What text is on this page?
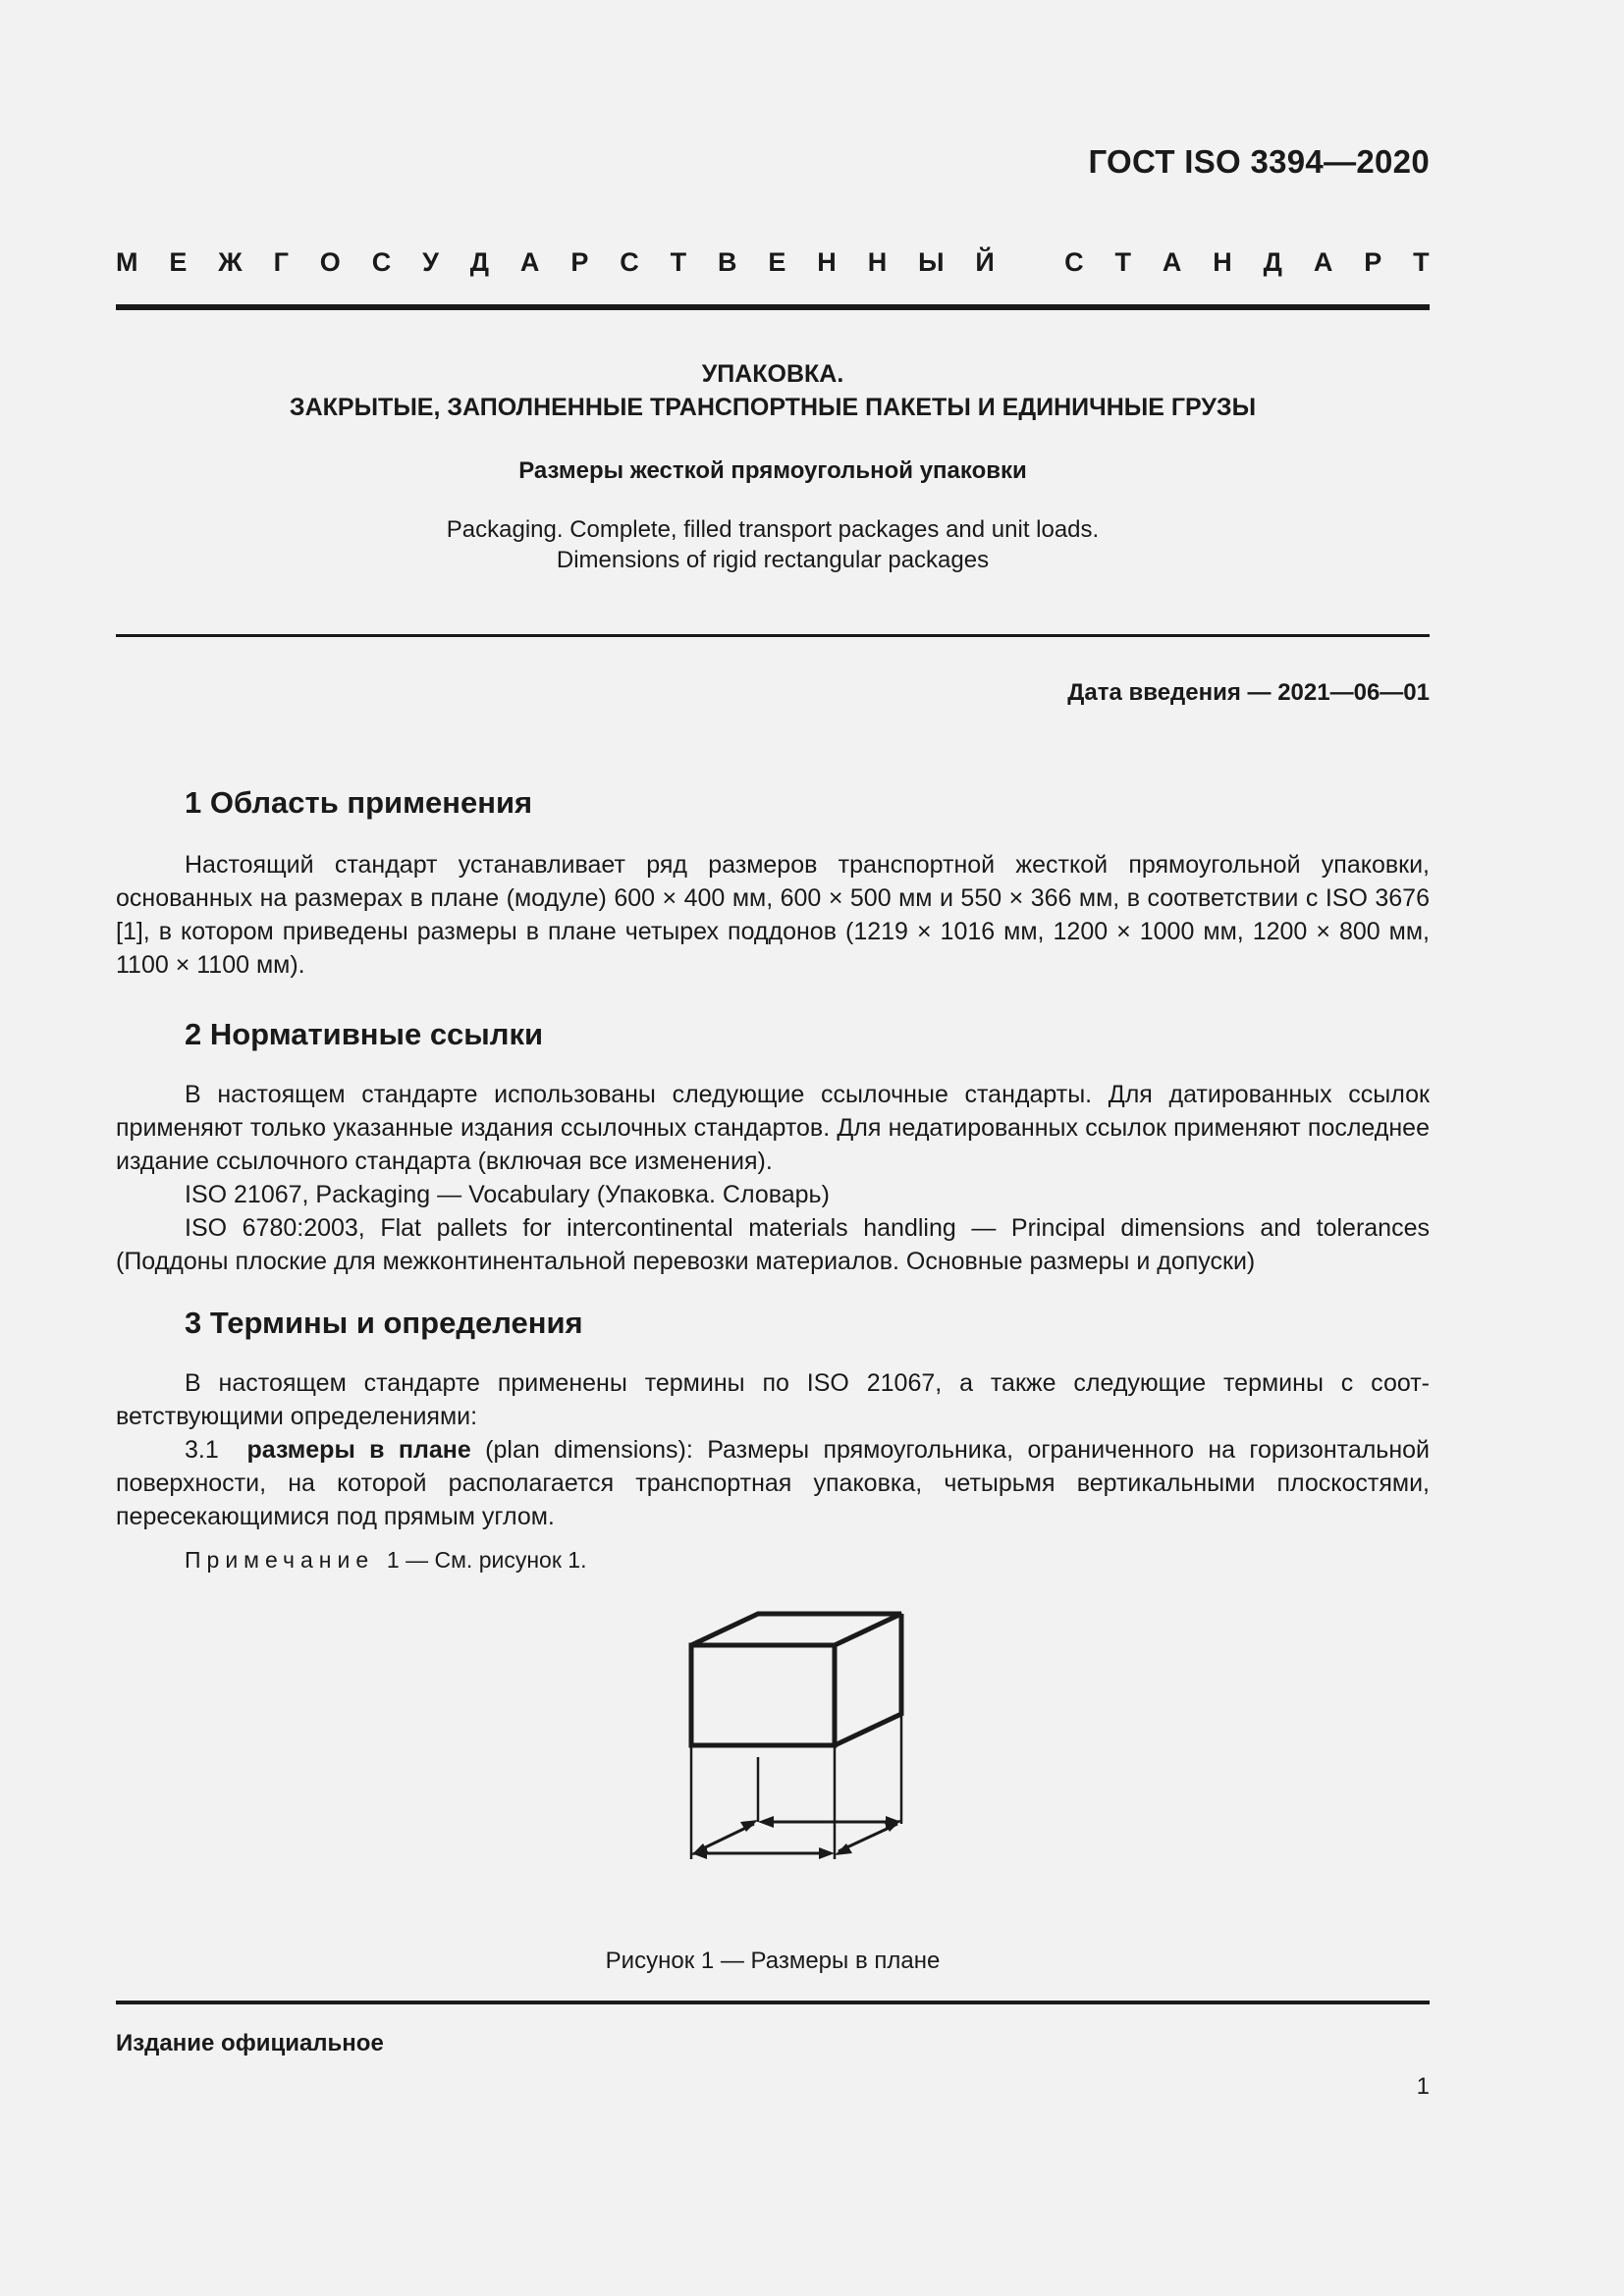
ГОСТ ISO 3394—2020
М Е Ж Г О С У Д А Р С Т В Е Н Н Ы Й
	С Т А Н Д А Р Т
УПАКОВКА.
ЗАКРЫТЫЕ, ЗАПОЛНЕННЫЕ ТРАНСПОРТНЫЕ ПАКЕТЫ И ЕДИНИЧНЫЕ ГРУЗЫ
Размеры жесткой прямоугольной упаковки
Packaging. Complete, filled transport packages and unit loads.
Dimensions of rigid rectangular packages
Дата введения — 2021—06—01
1 Область применения

Настоящий стандарт устанавливает ряд размеров транспортной жесткой прямоугольной упаковки, основанных на размерах в плане (модуле) 600 × 400 мм, 600 × 500 мм и 550 × 366 мм, в соответствии с ISO 3676 [1], в котором приведены размеры в плане четырех поддонов (1219 × 1016 мм, 1200 × 1000 мм, 1200 × 800 мм, 1100 × 1100 мм).

2 Нормативные ссылки

В настоящем стандарте использованы следующие ссылочные стандарты. Для датированных ссылок применяют только указанные издания ссылочных стандартов. Для недатированных ссылок применяют последнее издание ссылочного стандарта (включая все изменения).

ISO 21067, Packaging — Vocabulary (Упаковка. Словарь)

ISO 6780:2003, Flat pallets for intercontinental materials handling — Principal dimensions and tolerances (Поддоны плоские для межконтинентальной перевозки материалов. Основные размеры и допуски)

3 Термины и определения

В настоящем стандарте применены термины по ISO 21067, а также следующие термины с соответствующими определениями:

3.1 размеры в плане (plan dimensions): Размеры прямоугольника, ограниченного на горизонтальной поверхности, на которой располагается транспортная упаковка, четырьмя вертикальными плоскостями, пересекающимися под прямым углом.

Примечание 1 — См. рисунок 1.
Рисунок 1 — Размеры в плане
Издание официальное
1
